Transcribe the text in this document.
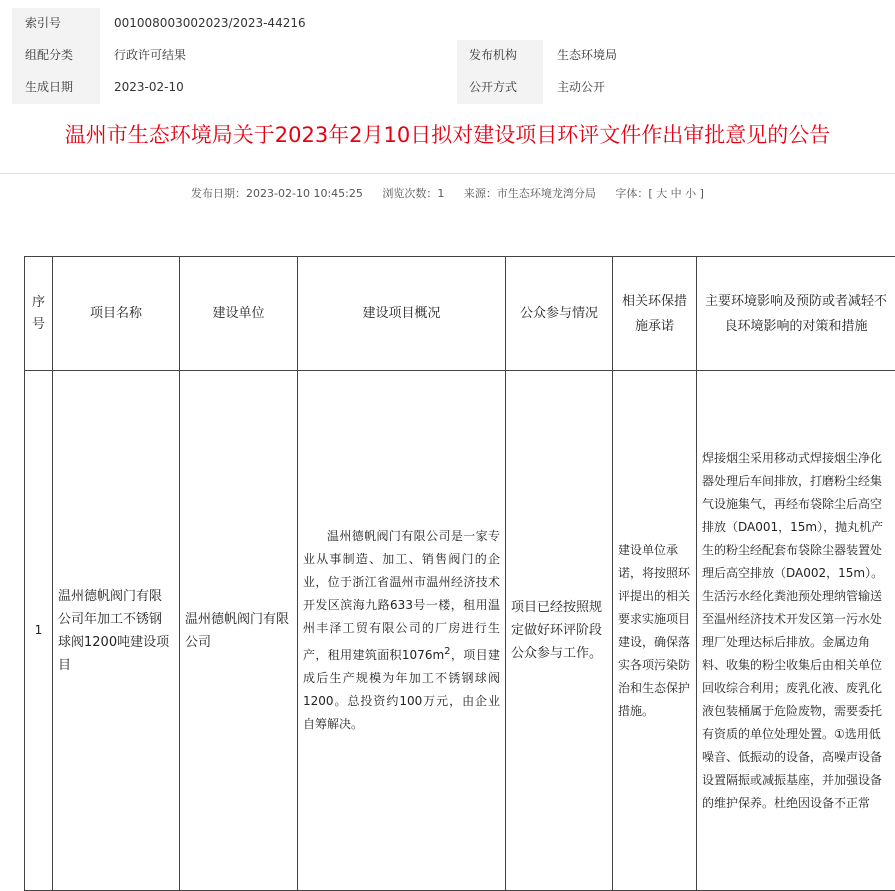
索引号	001008003002023/2023-44216
组配分类	行政许可结果	发布机构	生态环境局
生成日期	2023-02-10	公开方式	主动公开
温州市生态环境局关于2023年2月10日拟对建设项目环评文件作出审批意见的公告
发布日期：2023-02-10 10:45:25 浏览次数：1 来源：市生态环境龙湾分局 字体：[ 大 中 小 ]
序号	项目名称	建设单位	建设项目概况	公众参与情况	相关环保措施承诺	主要环境影响及预防或者减轻不良环境影响的对策和措施
1	温州德帆阀门有限公司年加工不锈钢球阀1200吨建设项目	温州德帆阀门有限公司	温州德帆阀门有限公司是一家专业从事制造、加工、销售阀门的企业，位于浙江省温州市温州经济技术开发区滨海九路633号一楼，租用温州丰泽工贸有限公司的厂房进行生产，租用建筑面积$1076m^2$，项目建成后生产规模为年加工不锈钢球阀1200。总投资约100万元，由企业自筹解决。	项目已经按照规定做好环评阶段公众参与工作。	建设单位承诺，将按照环评提出的相关要求实施项目建设，确保落实各项污染防治和生态保护措施。	焊接烟尘采用移动式焊接烟尘净化器处理后车间排放，打磨粉尘经集气设施集气，再经布袋除尘后高空排放（DA001，15m），抛丸机产生的粉尘经配套布袋除尘器装置处理后高空排放（DA002，15m）。生活污水经化粪池预处理纳管输送至温州经济技术开发区第一污水处理厂处理达标后排放。金属边角料、收集的粉尘收集后由相关单位回收综合利用；废乳化液、废乳化液包装桶属于危险废物，需要委托有资质的单位处理处置。①选用低噪音、低振动的设备，高噪声设备设置隔振或减振基座，并加强设备的维护保养。杜绝因设备不正常
